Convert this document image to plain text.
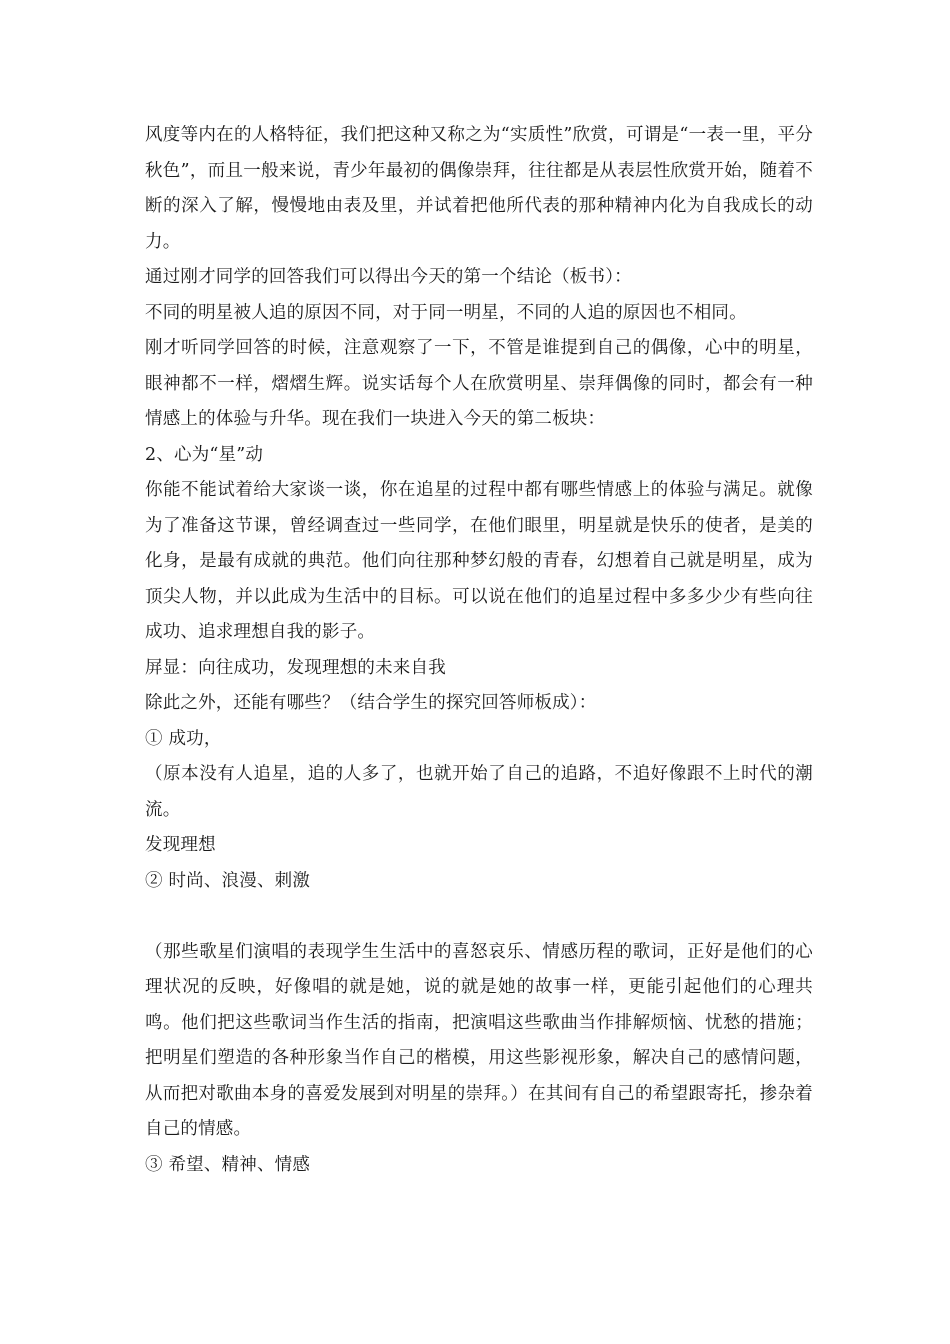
风度等内在的人格特征，我们把这种又称之为“实质性”欣赏，可谓是“一表一里，平分秋色”，而且一般来说，青少年最初的偶像崇拜，往往都是从表层性欣赏开始，随着不断的深入了解，慢慢地由表及里，并试着把他所代表的那种精神内化为自我成长的动力。

通过刚才同学的回答我们可以得出今天的第一个结论（板书）：

不同的明星被人追的原因不同，对于同一明星，不同的人追的原因也不相同。

刚才听同学回答的时候，注意观察了一下，不管是谁提到自己的偶像，心中的明星，眼神都不一样，熠熠生辉。说实话每个人在欣赏明星、崇拜偶像的同时，都会有一种情感上的体验与升华。现在我们一块进入今天的第二板块：

2、心为“星”动

你能不能试着给大家谈一谈，你在追星的过程中都有哪些情感上的体验与满足。就像为了准备这节课，曾经调查过一些同学，在他们眼里，明星就是快乐的使者，是美的化身，是最有成就的典范。他们向往那种梦幻般的青春，幻想着自己就是明星，成为顶尖人物，并以此成为生活中的目标。可以说在他们的追星过程中多多少少有些向往成功、追求理想自我的影子。

屏显：向往成功，发现理想的未来自我

除此之外，还能有哪些？（结合学生的探究回答师板成）：

① 成功，

（原本没有人追星，追的人多了，也就开始了自己的追路，不追好像跟不上时代的潮流。

发现理想

② 时尚、浪漫、刺激

（那些歌星们演唱的表现学生生活中的喜怒哀乐、情感历程的歌词，正好是他们的心理状况的反映，好像唱的就是她，说的就是她的故事一样，更能引起他们的心理共鸣。他们把这些歌词当作生活的指南，把演唱这些歌曲当作排解烦恼、忧愁的措施；把明星们塑造的各种形象当作自己的楷模，用这些影视形象，解决自己的感情问题，从而把对歌曲本身的喜爱发展到对明星的崇拜。）在其间有自己的希望跟寄托，掺杂着自己的情感。

③ 希望、精神、情感
